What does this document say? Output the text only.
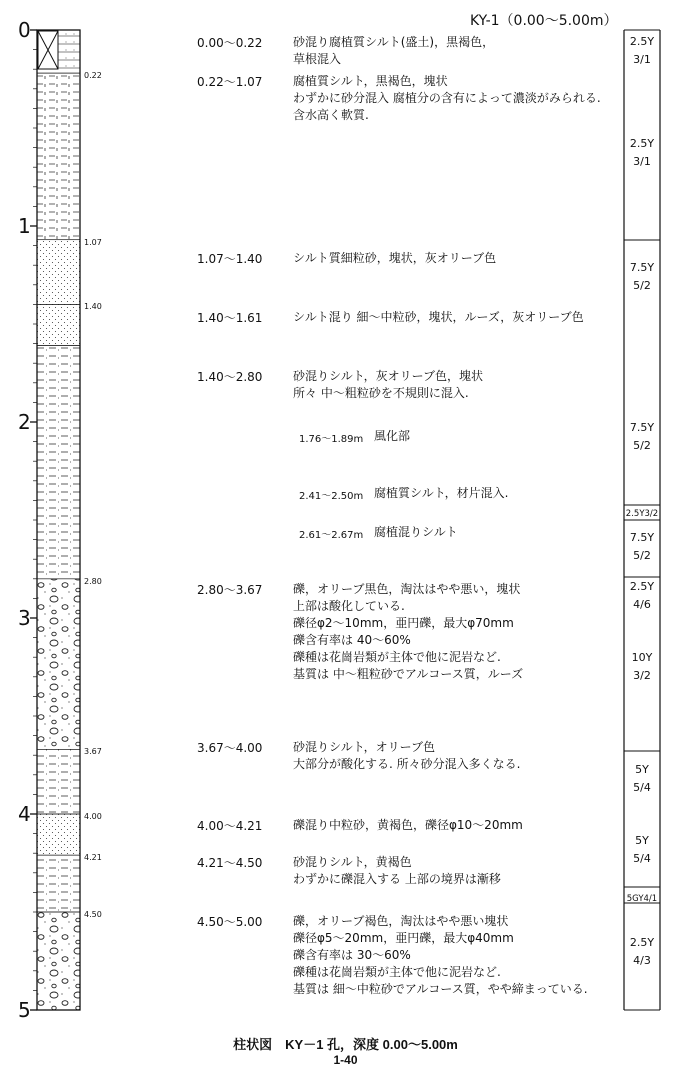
KY-1（0.00～5.00m）
0
1
2
3
4
5
0.22
1.07
1.40
2.80
3.67
4.00
4.21
4.50
0.00～0.22	砂混り腐植質シルト(盛土)，黒褐色，
草根混入
0.22～1.07	腐植質シルト，黒褐色，塊状
わずかに砂分混入 腐植分の含有によって濃淡がみられる.
含水高く軟質.
1.07～1.40	シルト質細粒砂，塊状，灰オリーブ色
1.40～1.61	シルト混り 細～中粒砂，塊状，ルーズ，灰オリーブ色
1.40～2.80	砂混りシルト，灰オリーブ色，塊状
所々 中～粗粒砂を不規則に混入.
2.80～3.67	礫，オリーブ黒色，淘汰はやや悪い，塊状
上部は酸化している.
礫径φ2～10mm，亜円礫，最大φ70mm
礫含有率は 40～60%
礫種は花崗岩類が主体で他に泥岩など.
基質は 中～粗粒砂でアルコース質，ルーズ
3.67～4.00	砂混りシルト，オリーブ色
大部分が酸化する. 所々砂分混入多くなる.
4.00～4.21	礫混り中粒砂，黄褐色，礫径φ10～20mm
4.21～4.50	砂混りシルト，黄褐色
わずかに礫混入する 上部の境界は漸移
4.50～5.00	礫，オリーブ褐色，淘汰はやや悪い塊状
礫径φ5～20mm，亜円礫，最大φ40mm
礫含有率は 30～60%
礫種は花崗岩類が主体で他に泥岩など.
基質は 細～中粒砂でアルコース質，やや締まっている.
1.76～1.89m 風化部
2.41～2.50m 腐植質シルト，材片混入.
2.61～2.67m 腐植混りシルト
2.5Y
3/1
2.5Y
3/1
7.5Y
5/2
7.5Y
5/2
2.5Y3/2
7.5Y
5/2
2.5Y
4/6
10Y
3/2
5Y
5/4
5Y
5/4
5GY4/1
2.5Y
4/3
柱状図　KY－1 孔，深度 0.00～5.00m
1-40
